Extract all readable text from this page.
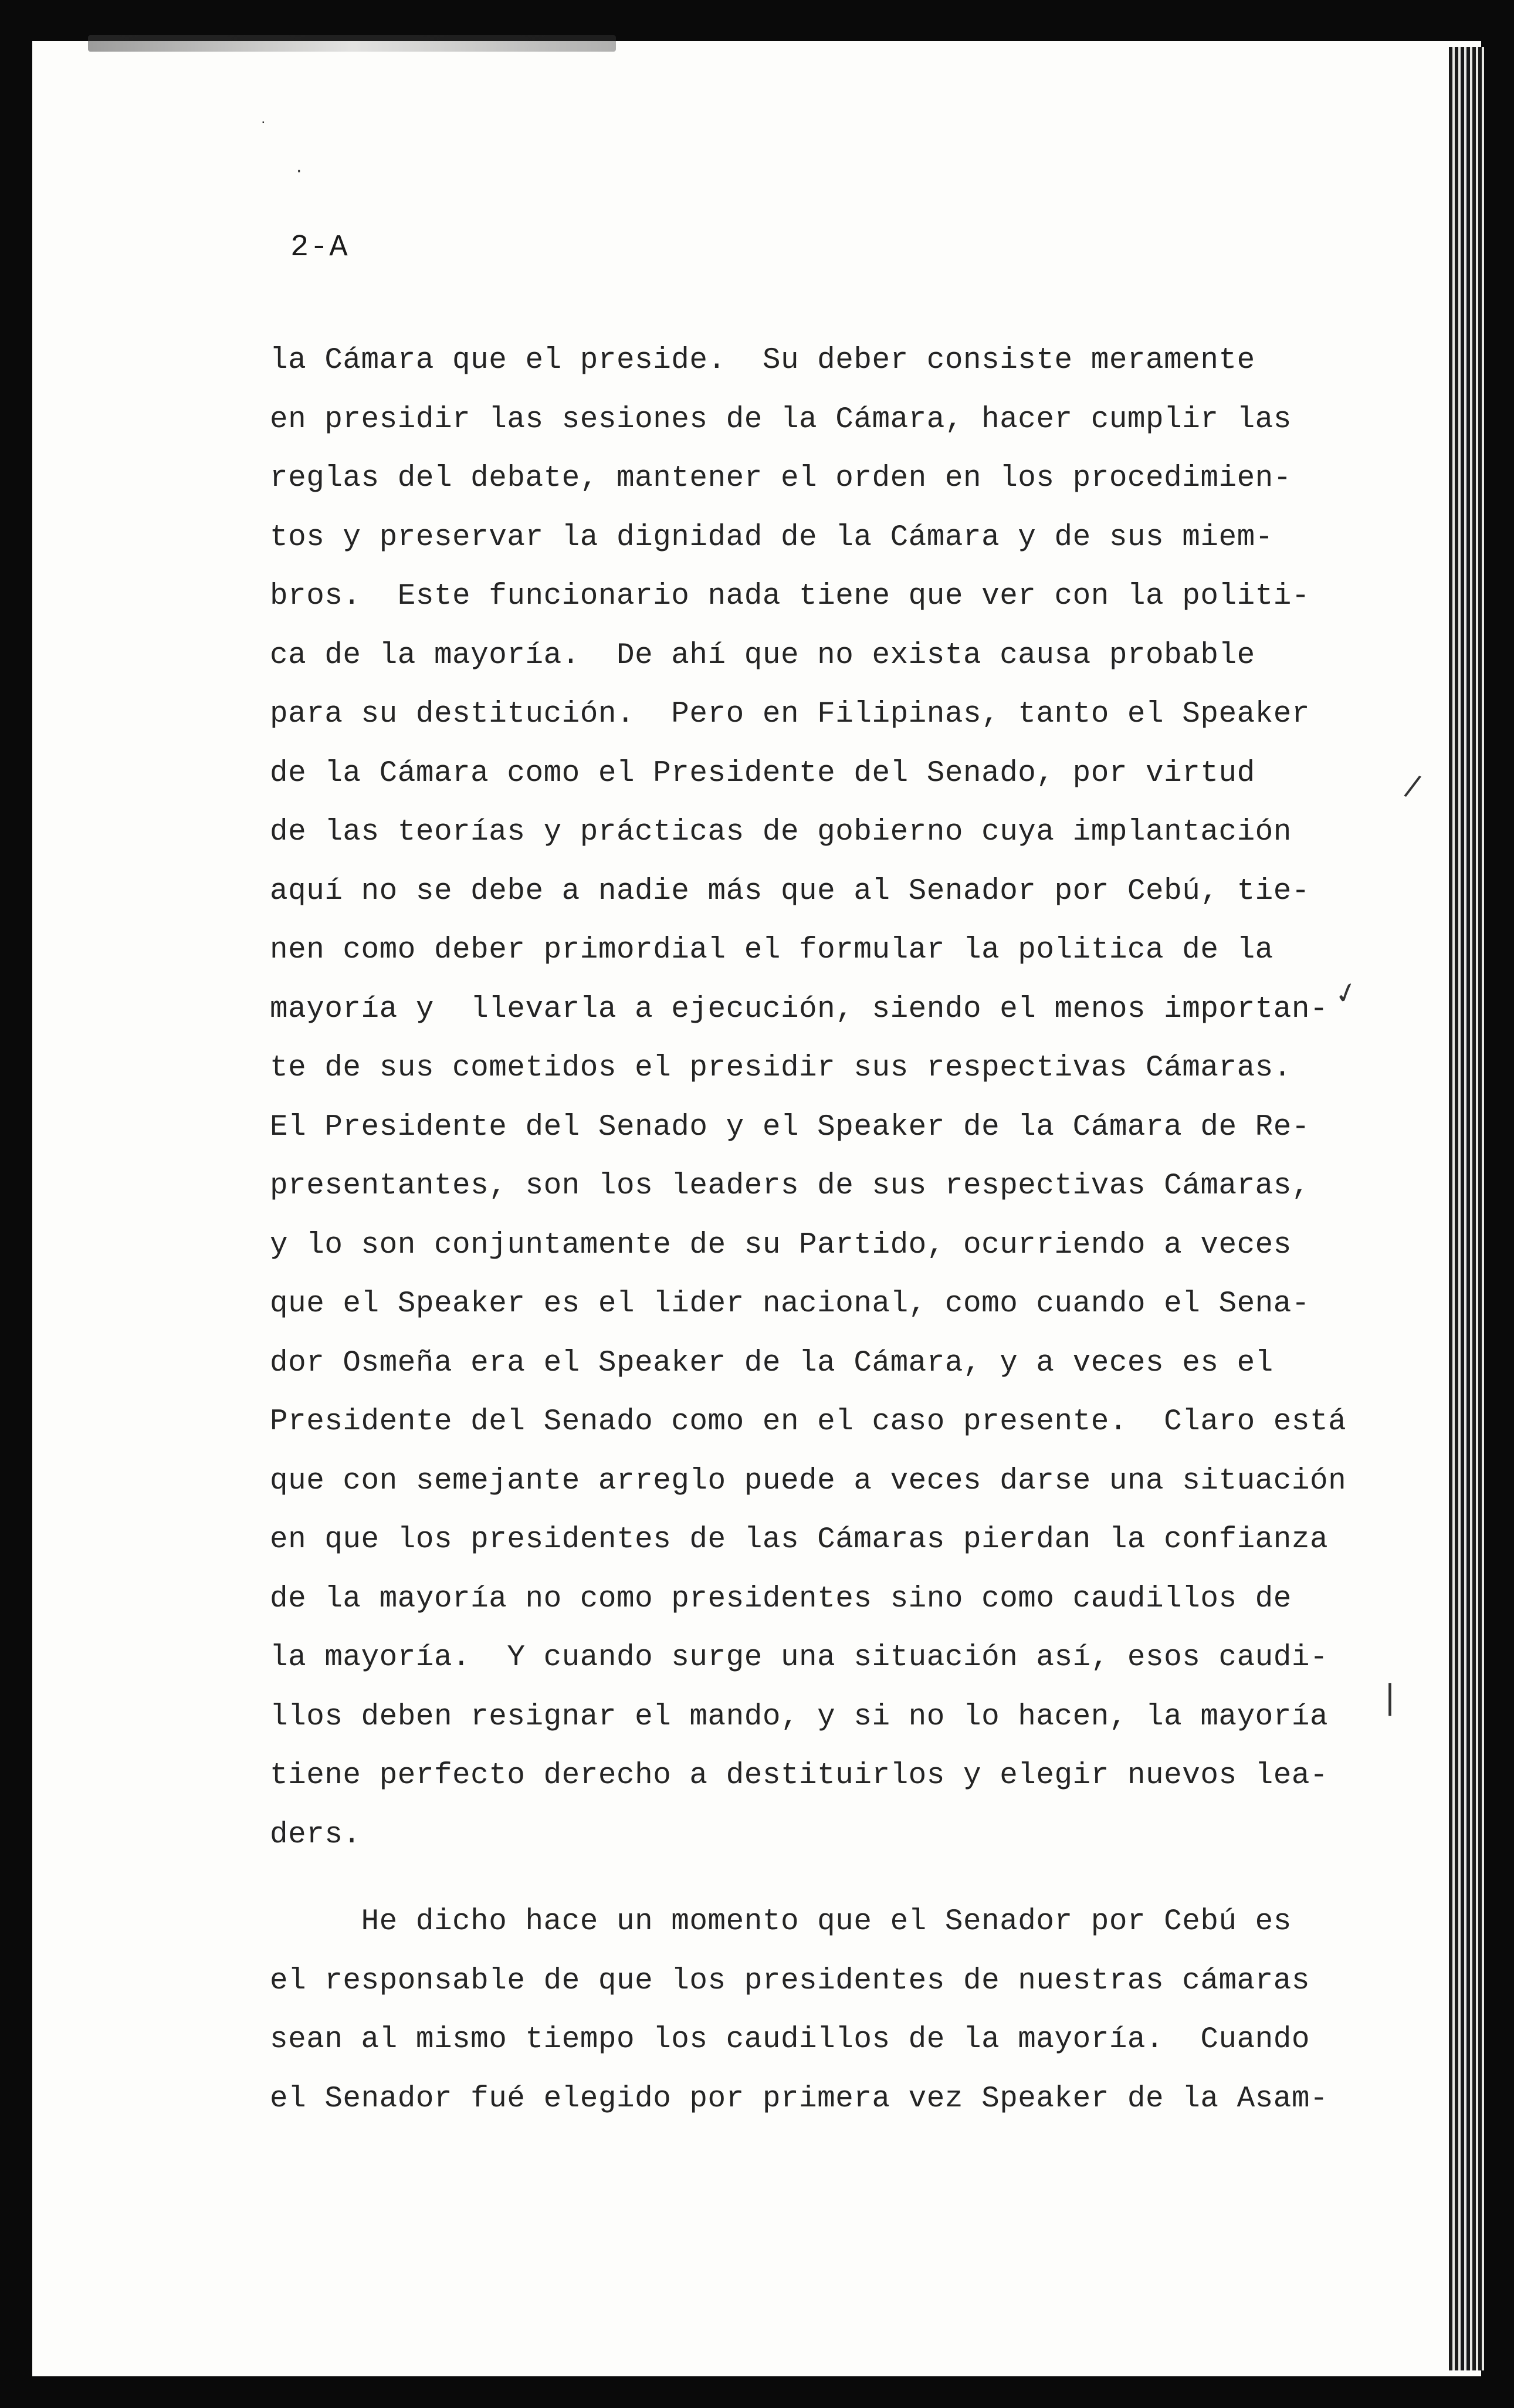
2-A
la Cámara que el preside.  Su deber consiste meramente
en presidir las sesiones de la Cámara, hacer cumplir las
reglas del debate, mantener el orden en los procedimien-
tos y preservar la dignidad de la Cámara y de sus miem-
bros.  Este funcionario nada tiene que ver con la politi-
ca de la mayoría.  De ahí que no exista causa probable
para su destitución.  Pero en Filipinas, tanto el Speaker
de la Cámara como el Presidente del Senado, por virtud
de las teorías y prácticas de gobierno cuya implantación
aquí no se debe a nadie más que al Senador por Cebú, tie-
nen como deber primordial el formular la politica de la
mayoría y  llevarla a ejecución, siendo el menos importan-
te de sus cometidos el presidir sus respectivas Cámaras.
El Presidente del Senado y el Speaker de la Cámara de Re-
presentantes, son los leaders de sus respectivas Cámaras,
y lo son conjuntamente de su Partido, ocurriendo a veces
que el Speaker es el lider nacional, como cuando el Sena-
dor Osmeña era el Speaker de la Cámara, y a veces es el
Presidente del Senado como en el caso presente.  Claro está
que con semejante arreglo puede a veces darse una situación
en que los presidentes de las Cámaras pierdan la confianza
de la mayoría no como presidentes sino como caudillos de
la mayoría.  Y cuando surge una situación así, esos caudi-
llos deben resignar el mando, y si no lo hacen, la mayoría
tiene perfecto derecho a destituirlos y elegir nuevos lea-
ders.
He dicho hace un momento que el Senador por Cebú es
el responsable de que los presidentes de nuestras cámaras
sean al mismo tiempo los caudillos de la mayoría.  Cuando
el Senador fué elegido por primera vez Speaker de la Asam-
✓
/
|
·
·
